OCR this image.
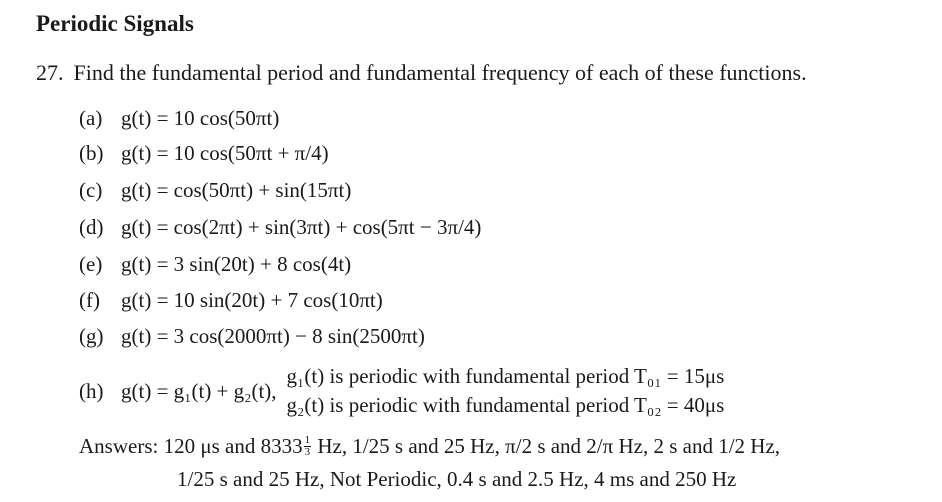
Periodic Signals
27. Find the fundamental period and fundamental frequency of each of these functions.
(a) g(t) = 10 cos(50πt)
(b) g(t) = 10 cos(50πt + π/4)
(c) g(t) = cos(50πt) + sin(15πt)
(d) g(t) = cos(2πt) + sin(3πt) + cos(5πt − 3π/4)
(e) g(t) = 3 sin(20t) + 8 cos(4t)
(f) g(t) = 10 sin(20t) + 7 cos(10πt)
(g) g(t) = 3 cos(2000πt) − 8 sin(2500πt)
(h) g(t) = g₁(t) + g₂(t),
g₁(t) is periodic with fundamental period T₀₁ = 15μs
g₂(t) is periodic with fundamental period T₀₂ = 40μs
Answers: 120 μs and $8333 \frac{1}{3} Hz$, 1/25 s and 25 Hz, π/2 s and 2/π Hz, 2 s and 1/2 Hz,
1/25 s and 25 Hz, Not Periodic, 0.4 s and 2.5 Hz, 4 ms and 250 Hz
